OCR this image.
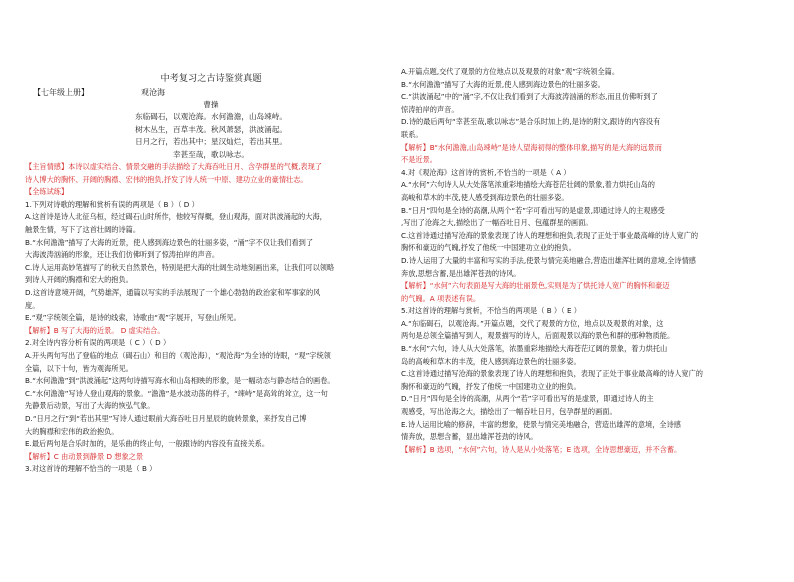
中考复习之古诗鉴赏真题
【七年级上册】	观沧海
曹操
东临碣石，以观沧海。水何澹澹，山岛竦峙。
树木丛生，百草丰茂。秋风萧瑟，洪波涌起。
日月之行，若出其中；星汉灿烂，若出其里。
幸甚至哉，歌以咏志。

【主旨情感】本诗以虚实结合、情景交融的手法描绘了大海吞吐日月、含孕群星的气概,表现了

诗人博大的胸怀、开阔的胸襟、宏伟的抱负,抒发了诗人统一中原、建功立业的豪情壮志。

【全练试练】

1.下列对诗歌的理解和赏析有误的两项是（ B ）（ D ）

A.这首诗是诗人北征乌桓，经过碣石山时所作，他较写得概，登山观海，面对洪波涌起的大海，

触景生情，写下了这首壮阔的诗篇。

B.“水何澹澹”描写了大海的近景，使人感到海边景色的壮丽多姿，“涌”字不仅让我们看到了

大海波涛汹涌的形象，还让我们仿佛听到了惊涛拍岸的声音。

C.诗人运用高妙笔描写了的秋天自然景色，特别是把大海的壮阔生动地刻画出来，让我们可以领略

到诗人开阔的胸襟和宏大的抱负。

D.这首诗意境开阔，气势雄浑，通篇以写实的手法展现了一个雄心勃勃的政治家和军事家的风

度。

E.“观”字统领全篇，是诗的线索，诗歌由“观”字展开，写登山所见。

【解析】B 写了大海的近景。 D 虚实结合。

2.对全诗内容分析有误的两项是（ C ）（ D ）

A.开头两句写出了登临的地点（碣石山）和目的（观沧海），“观沧海”为全诗的诗眼，“观”字统领

全篇，以下十句，皆为观海所见。

B.“水何澹澹”到“洪波涌起”这两句诗描写海水和山岛相映的形象，是一幅动态与静态结合的画卷。

C.“水何澹澹”写诗人登山观海的景象。“澹澹”是水波动荡的样子，“竦峙”是高耸的耸立，这一句

先静景后动景，写出了大海的恢弘气象。

D.“日月之行”到“若出其里”写诗人通过眼前大海吞吐日月星辰的旋转景象，来抒发自己博

大的胸襟和宏伟的政治抱负。

E.最后两句是合乐时加的，是乐曲的终止句，一般跟诗的内容没有直接关系。

【解析】C 由动景到静景 D 想象之景

3.对这首诗的理解不恰当的一项是（ B ）

A.开篇点题,交代了观景的方位地点以及观景的对象“观”字统领全篇。

B.“水何澹澹”描写了大海的近景,使人感到海边景色的壮丽多姿。

C.“洪波涌起”中的“涌”字,不仅让我们看到了大海波涛汹涌的形态,而且仿佛听到了

惊涛拍岸的声音。

D.诗的最后两句“幸甚至哉,歌以咏志”是合乐时加上的,是诗的附文,跟诗的内容没有

联系。

【解析】B“水何澹澹,山岛竦峙”是诗人望海初得的整体印象,描写的是大海的远景而

不是近景。

4.对《观沧海》这首诗的赏析,不恰当的一项是（ A ）

A.“水何”六句诗人从大处落笔浓重彩地描绘大海苍茫壮阔的景象,着力烘托山岛的

高峻和草木的丰茂,使人感受到海边景色的壮丽多姿。

B.“日月”四句是全诗的高潮,从两个“若”字可看出写的是虚景,即通过诗人的主观感受

,写出了沧海之大,描绘出了一幅吞吐日月、包蕴群星的画面。

C.这首诗通过描写沧海的景象表现了诗人的理想和抱负,表现了正处于事业最高峰的诗人宽广的

胸怀和豪迈的气魄,抒发了他统一中国建功立业的抱负。

D.诗人运用了大量的丰富和写实的手法,使景与情完美地融合,营造出雄浑壮阔的意境,全诗情感

奔放,思想含蓄,是出雄浑苍劲的诗风。

【解析】“水何”六句表面是写大海的壮丽景色,实则是为了烘托诗人宽广的胸怀和豪迈

的气魄。A 项表述有误。

5.对这首诗的理解与赏析，不恰当的两项是（ B ）（ E ）

A.“东临碣石，以观沧海。”开篇点题，交代了观景的方位，地点以及观景的对象，这

两句是总领全篇描写到人，观景描写的诗人，后面观景以海的景色和群的那种物质能。

B.“水何”六句，诗人从大处落笔，浓墨重彩地描绘大海苍茫辽阔的景象，着力烘托山

岛的高峻和草木的丰茂，使人感到海边景色的壮丽多姿。

C.这首诗通过描写沧海的景象表现了诗人的理想和抱负，表现了正处于事业最高峰的诗人宽广的

胸怀和豪迈的气魄，抒发了他统一中国建功立业的抱负。

D.“日月”四句是全诗的高潮，从两个“若”字可看出写的是虚景，即通过诗人的主

观感受，写出沧海之大，描绘出了一幅吞吐日月，包孕群星的画面。

E.诗人运用比喻的修辞，丰富的想象，使景与情完美地融合，营造出雄浑的意境，全诗感

情奔放，思想含蓄，显出雄浑苍劲的诗风。

【解析】B 选项，“水何”六句，诗人是从小处落笔；E 选项，全诗思想豪迈，并不含蓄。
